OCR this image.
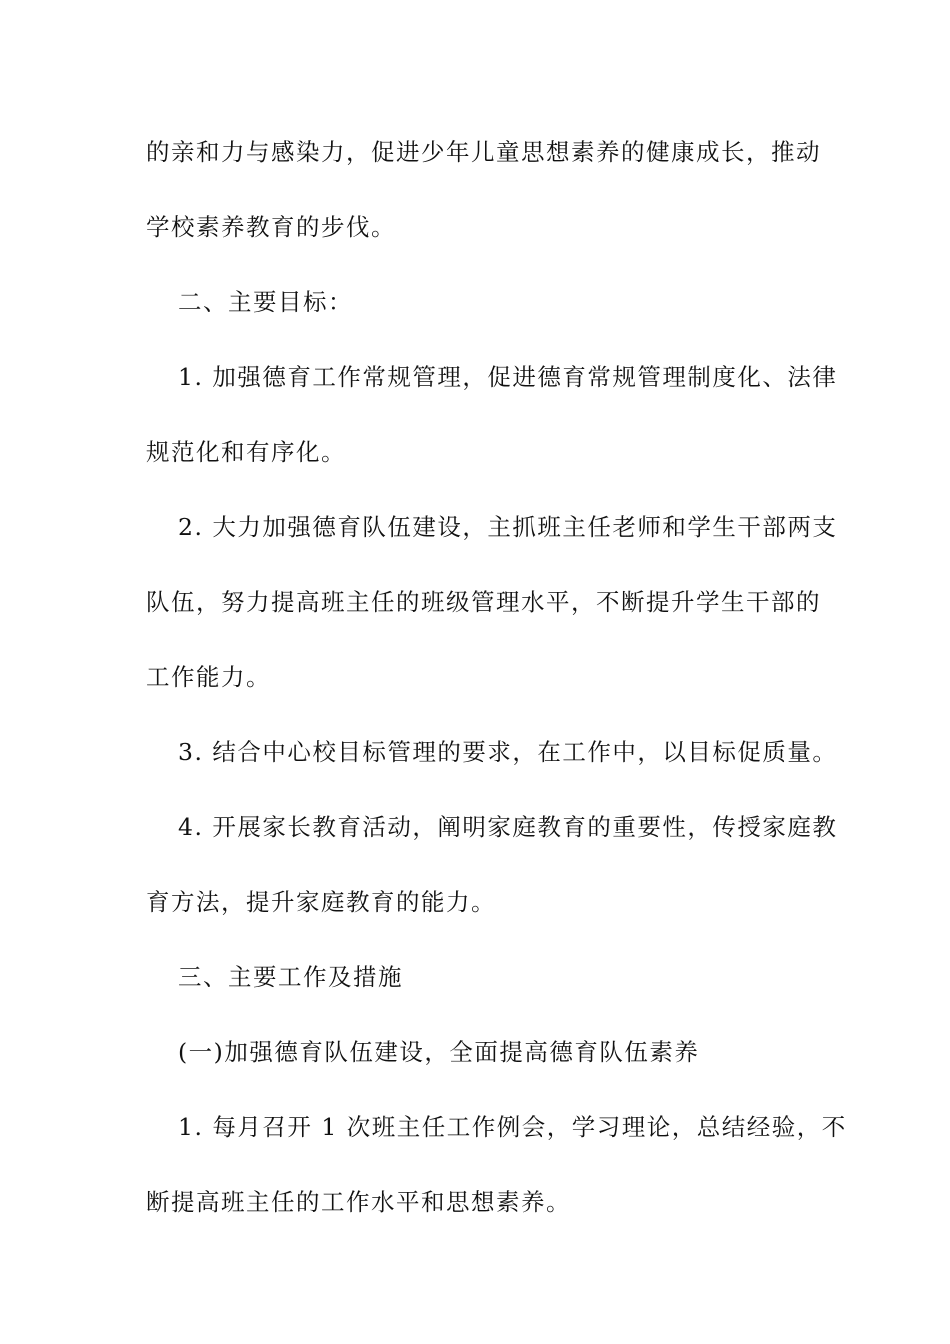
的亲和力与感染力，促进少年儿童思想素养的健康成长，推动
学校素养教育的步伐。
二、主要目标：
1. 加强德育工作常规管理，促进德育常规管理制度化、法律
规范化和有序化。
2. 大力加强德育队伍建设，主抓班主任老师和学生干部两支
队伍，努力提高班主任的班级管理水平，不断提升学生干部的
工作能力。
3. 结合中心校目标管理的要求，在工作中，以目标促质量。
4. 开展家长教育活动，阐明家庭教育的重要性，传授家庭教
育方法，提升家庭教育的能力。
三、主要工作及措施
(一)加强德育队伍建设，全面提高德育队伍素养
1. 每月召开 1 次班主任工作例会，学习理论，总结经验，不
断提高班主任的工作水平和思想素养。
